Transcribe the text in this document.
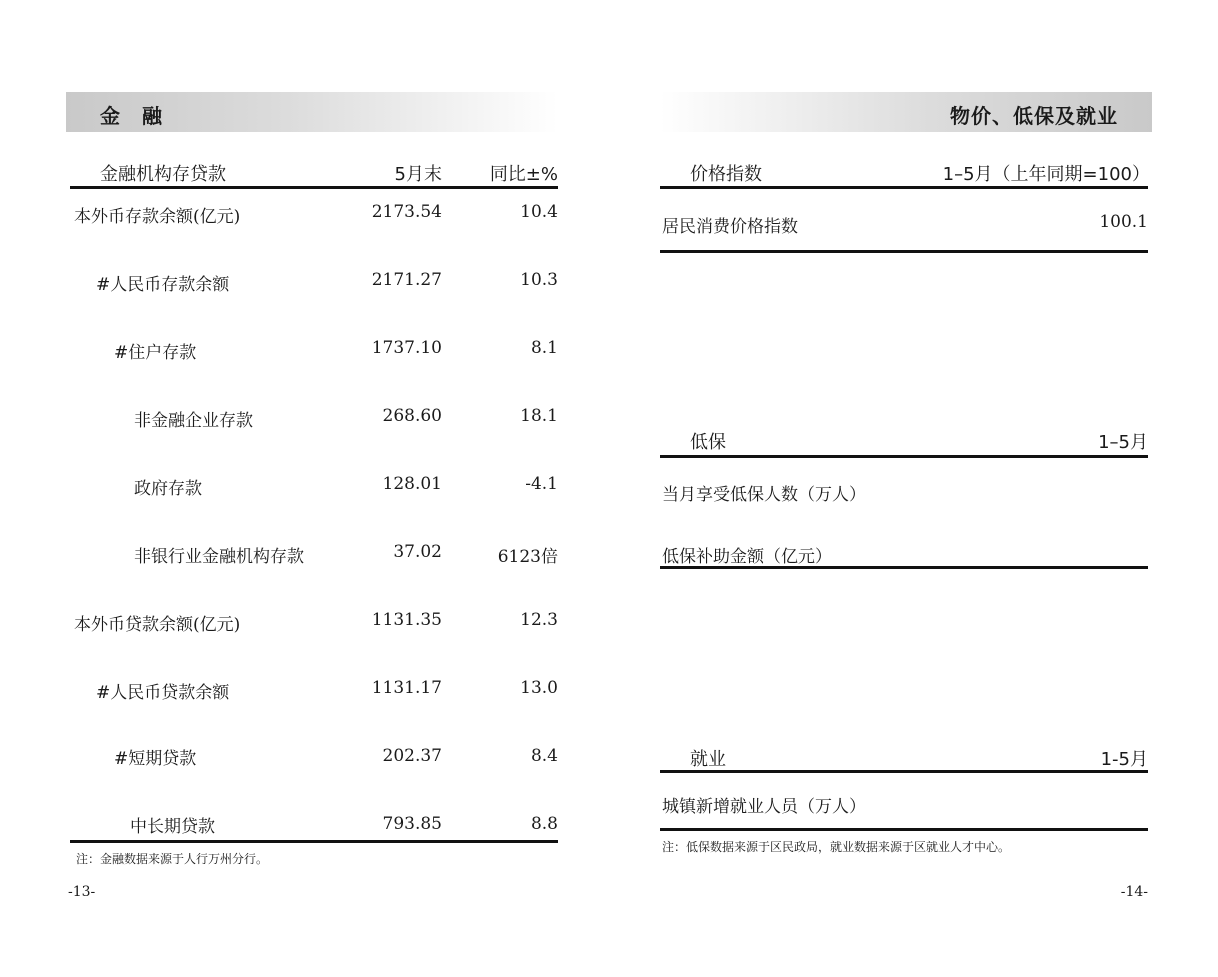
金　融
金融机构存贷款	5月末	同比±%
本外币存款余额(亿元)	2173.54	10.4
#人民币存款余额	2171.27	10.3
#住户存款	1737.10	8.1
非金融企业存款	268.60	18.1
政府存款	128.01	-4.1
非银行业金融机构存款	37.02	6123倍
本外币贷款余额(亿元)	1131.35	12.3
#人民币贷款余额	1131.17	13.0
#短期贷款	202.37	8.4
中长期贷款	793.85	8.8
注：金融数据来源于人行万州分行。
-13-
物价、低保及就业
价格指数	1–5月（上年同期=100）
居民消费价格指数	100.1
低保	1–5月
当月享受低保人数（万人）
低保补助金额（亿元）
就业	1-5月
城镇新增就业人员（万人）
注：低保数据来源于区民政局，就业数据来源于区就业人才中心。
-14-
